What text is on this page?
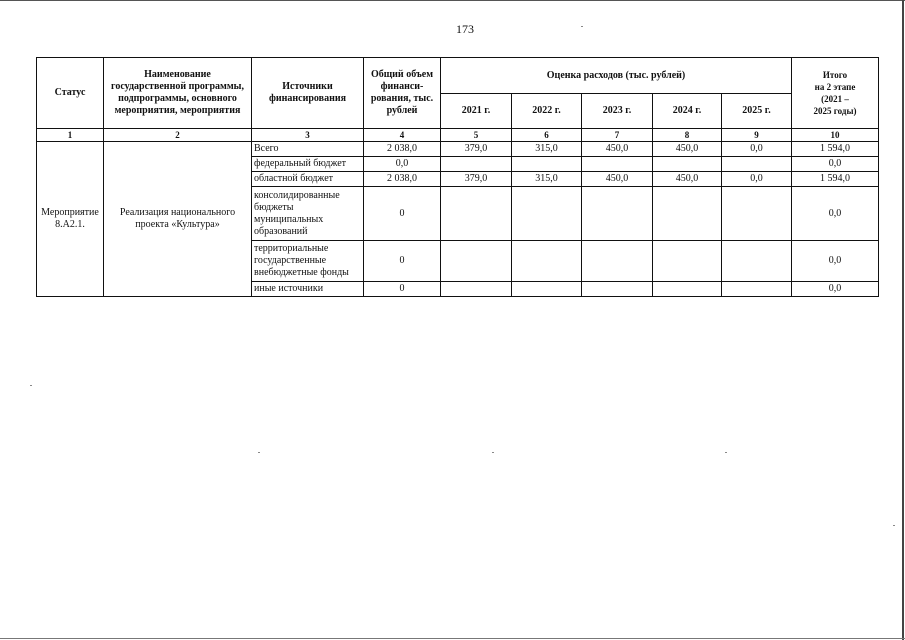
173
Статус	Наименование государственной программы, подпрограммы, основного мероприятия, мероприятия	Источники финансирования	Общий объем финанси-рования, тыс. рублей	Оценка расходов (тыс. рублей)					Итого
на 2 этапе
(2021 –
2025 годы)

				2021 г.	2022 г.	2023 г.	2024 г.	2025 г.	
1	2	3	4	5	6	7	8	9	10
Мероприятие 8.А2.1.	Реализация национального проекта «Культура»	Всего	2 038,0	379,0	315,0	450,0	450,0	0,0	1 594,0
		федеральный бюджет	0,0						0,0
		областной бюджет	2 038,0	379,0	315,0	450,0	450,0	0,0	1 594,0
		консолидированные бюджеты муниципальных образований	0						0,0
		территориальные государственные внебюджетные фонды	0						0,0
		иные источники	0						0,0
